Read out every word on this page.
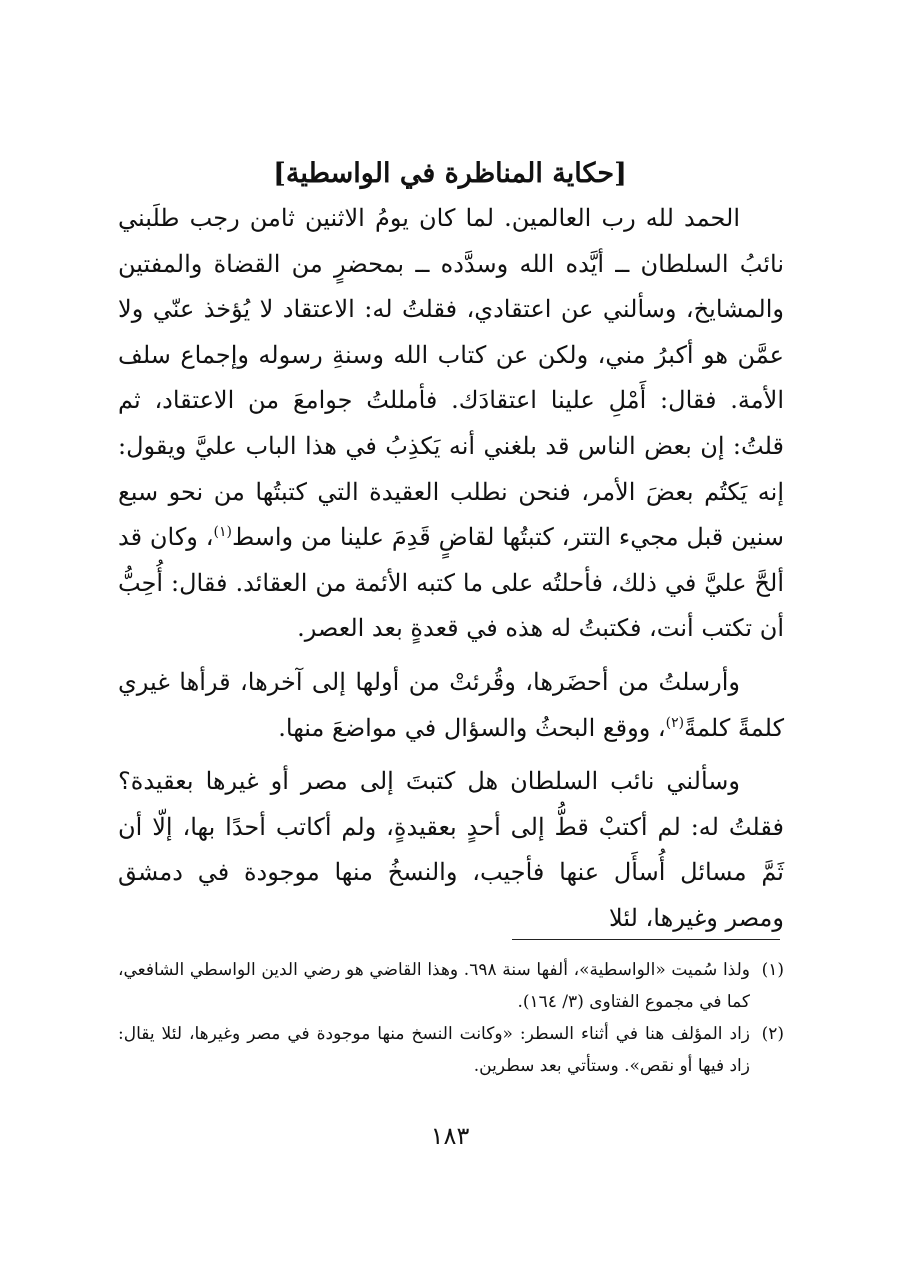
[حكاية المناظرة في الواسطية]

الحمد لله رب العالمين. لما كان يومُ الاثنين ثامن رجب طلَبني نائبُ السلطان ــ أيَّده الله وسدَّده ــ بمحضرٍ من القضاة والمفتين والمشايخ، وسألني عن اعتقادي، فقلتُ له: الاعتقاد لا يُؤخذ عنّي ولا عمَّن هو أكبرُ مني، ولكن عن كتاب الله وسنةِ رسوله وإجماع سلف الأمة. فقال: أَمْلِ علينا اعتقادَك. فأمللتُ جوامعَ من الاعتقاد، ثم قلتُ: إن بعض الناس قد بلغني أنه يَكذِبُ في هذا الباب عليَّ ويقول: إنه يَكتُم بعضَ الأمر، فنحن نطلب العقيدة التي كتبتُها من نحو سبع سنين قبل مجيء التتر، كتبتُها لقاضٍ قَدِمَ علينا من واسط$^{(١)}$، وكان قد ألحَّ عليَّ في ذلك، فأحلتُه على ما كتبه الأئمة من العقائد. فقال: أُحِبُّ أن تكتب أنت، فكتبتُ له هذه في قعدةٍ بعد العصر.

وأرسلتُ من أحضَرها، وقُرئتْ من أولها إلى آخرها، قرأها غيري كلمةً كلمةً$^{(٢)}$، ووقع البحثُ والسؤال في مواضعَ منها.

وسألني نائب السلطان هل كتبتَ إلى مصر أو غيرها بعقيدة؟ فقلتُ له: لم أكتبْ قطُّ إلى أحدٍ بعقيدةٍ، ولم أكاتب أحدًا بها، إلّا أن ثَمَّ مسائل أُسأَل عنها فأجيب، والنسخُ منها موجودة في دمشق ومصر وغيرها، لئلا

(١)
ولذا سُميت «الواسطية»، ألفها سنة ٦٩٨. وهذا القاضي هو رضي الدين الواسطي الشافعي، كما في مجموع الفتاوى (٣/ ١٦٤).
(٢)
زاد المؤلف هنا في أثناء السطر: «وكانت النسخ منها موجودة في مصر وغيرها، لئلا يقال: زاد فيها أو نقص». وستأتي بعد سطرين.
١٨٣
